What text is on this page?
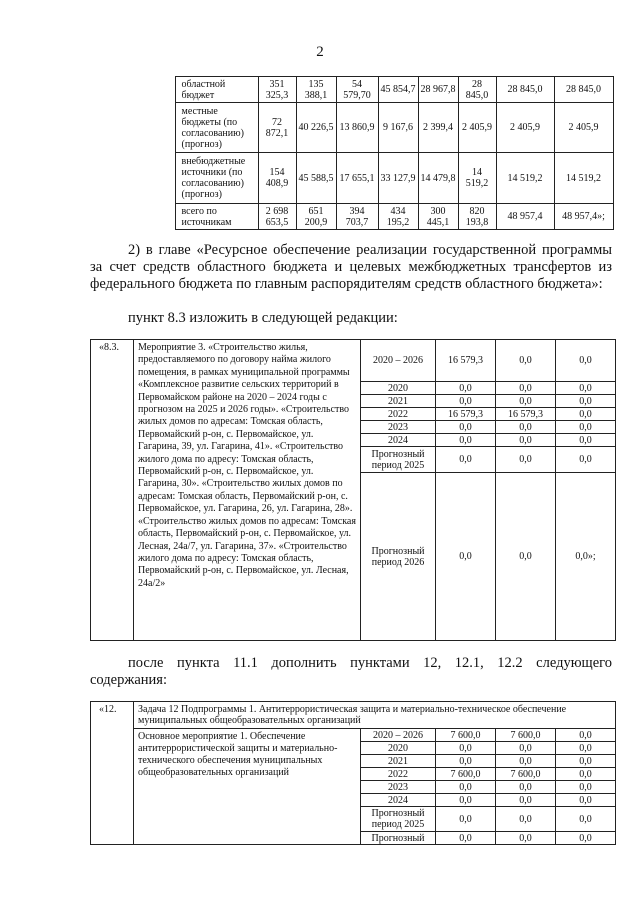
2
	областной бюджет	351 325,3	135 388,1	54 579,70	45 854,7	28 967,8	28 845,0	28 845,0	28 845,0
	местные бюджеты (по согласованию) (прогноз)	72 872,1	40 226,5	13 860,9	9 167,6	2 399,4	2 405,9	2 405,9	2 405,9
	внебюджетные источники (по согласованию) (прогноз)	154 408,9	45 588,5	17 655,1	33 127,9	14 479,8	14 519,2	14 519,2	14 519,2
	всего по источникам	2 698 653,5	651 200,9	394 703,7	434 195,2	300 445,1	820 193,8	48 957,4	48 957,4»;

2) в главе «Ресурсное обеспечение реализации государственной программы за счет средств областного бюджета и целевых межбюджетных трансфертов из федерального бюджета по главным распорядителям средств областного бюджета»:

пункт 8.3 изложить в следующей редакции:

«8.3.	Мероприятие 3. «Строительство жилья, предоставляемого по договору найма жилого помещения, в рамках муниципальной программы «Комплексное развитие сельских территорий в Первомайском районе на 2020 – 2024 годы с прогнозом на 2025 и 2026 годы». «Строительство жилых домов по адресам: Томская область, Первомайский р-он, с. Первомайское, ул. Гагарина, 39, ул. Гагарина, 41». «Строительство жилого дома по адресу: Томская область, Первомайский р-он, с. Первомайское, ул. Гагарина, 30». «Строительство жилых домов по адресам: Томская область, Первомайский р-он, с. Первомайское, ул. Гагарина, 26, ул. Гагарина, 28». «Строительство жилых домов по адресам: Томская область, Первомайский р-он, с. Первомайское, ул. Лесная, 24а/7, ул. Гагарина, 37». «Строительство жилого дома по адресу: Томская область, Первомайский р-он, с. Первомайское, ул. Лесная, 24а/2»	2020 – 2026	16 579,3	0,0	0,0
		2020	0,0	0,0	0,0
		2021	0,0	0,0	0,0
		2022	16 579,3	16 579,3	0,0
		2023	0,0	0,0	0,0
		2024	0,0	0,0	0,0
		Прогнозный период 2025	0,0	0,0	0,0
		Прогнозный период 2026	0,0	0,0	0,0»;

после пункта 11.1 дополнить пунктами 12, 12.1, 12.2 следующего содержания:

«12.	Задача 12 Подпрограммы 1. Антитеррористическая защита и материально-техническое обеспечение муниципальных общеобразовательных организаций				
	Основное мероприятие 1. Обеспечение антитеррористической защиты и материально-технического обеспечения муниципальных общеобразовательных организаций	2020 – 2026	7 600,0	7 600,0	0,0
		2020	0,0	0,0	0,0
		2021	0,0	0,0	0,0
		2022	7 600,0	7 600,0	0,0
		2023	0,0	0,0	0,0
		2024	0,0	0,0	0,0
		Прогнозный период 2025	0,0	0,0	0,0
		Прогнозный	0,0	0,0	0,0
